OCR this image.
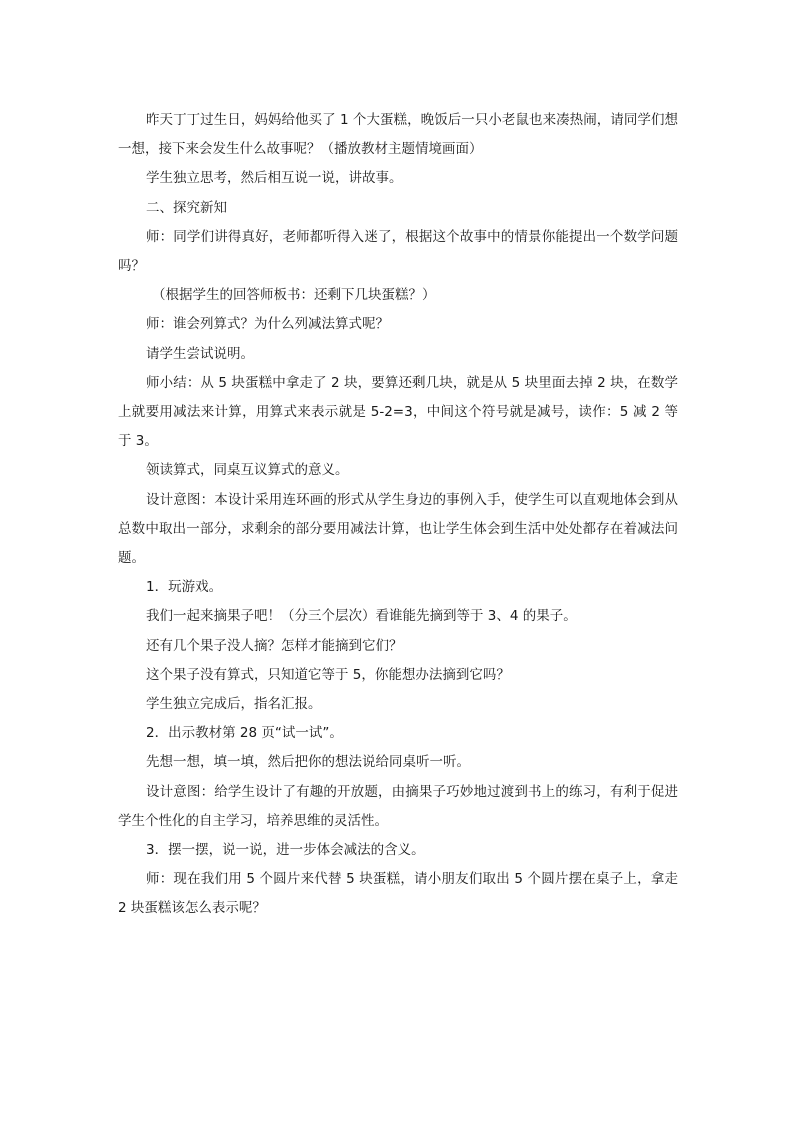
昨天丁丁过生日，妈妈给他买了 1 个大蛋糕，晚饭后一只小老鼠也来凑热闹，请同学们想一想，接下来会发生什么故事呢？（播放教材主题情境画面）

学生独立思考，然后相互说一说，讲故事。

二、探究新知

师：同学们讲得真好，老师都听得入迷了，根据这个故事中的情景你能提出一个数学问题吗？

（根据学生的回答师板书：还剩下几块蛋糕？）

师：谁会列算式？为什么列减法算式呢？

请学生尝试说明。

师小结：从 5 块蛋糕中拿走了 2 块，要算还剩几块，就是从 5 块里面去掉 2 块，在数学上就要用减法来计算，用算式来表示就是 5-2=3，中间这个符号就是减号，读作：5 减 2 等于 3。

领读算式，同桌互议算式的意义。

设计意图：本设计采用连环画的形式从学生身边的事例入手，使学生可以直观地体会到从总数中取出一部分，求剩余的部分要用减法计算，也让学生体会到生活中处处都存在着减法问题。

1．玩游戏。

我们一起来摘果子吧！（分三个层次）看谁能先摘到等于 3、4 的果子。

还有几个果子没人摘？怎样才能摘到它们？

这个果子没有算式，只知道它等于 5，你能想办法摘到它吗？

学生独立完成后，指名汇报。

2．出示教材第 28 页“试一试”。

先想一想，填一填，然后把你的想法说给同桌听一听。

设计意图：给学生设计了有趣的开放题，由摘果子巧妙地过渡到书上的练习，有利于促进学生个性化的自主学习，培养思维的灵活性。

3．摆一摆，说一说，进一步体会减法的含义。

师：现在我们用 5 个圆片来代替 5 块蛋糕，请小朋友们取出 5 个圆片摆在桌子上，拿走 2 块蛋糕该怎么表示呢？
